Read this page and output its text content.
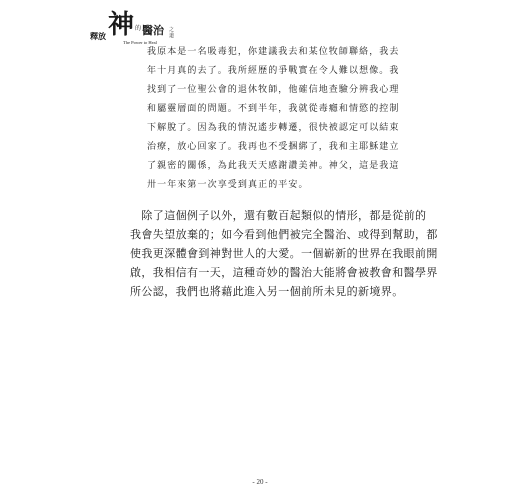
神
釋放
的 醫治 之道
The Power to Heal
我原本是一名吸毒犯，你建議我去和某位牧師聯絡，我去
年十月真的去了。我所經歷的爭戰實在令人難以想像。我
找到了一位聖公會的退休牧師，他確信地查驗分辨我心理
和屬靈層面的問題。不到半年，我就從毒癮和情慾的控制
下解脫了。因為我的情況遙步轉遷，很快被認定可以結束
治療，放心回家了。我再也不受捆綁了，我和主耶穌建立
了親密的關係，為此我天天感謝讚美神。神父，這是我這
卅一年來第一次享受到真正的平安。
　除了這個例子以外，還有數百起類似的情形，都是從前的
我會失望放棄的；如今看到他們被完全醫治、或得到幫助，都
使我更深體會到神對世人的大愛。一個嶄新的世界在我眼前開
啟，我相信有一天，這種奇妙的醫治大能將會被教會和醫學界
所公認，我們也將藉此進入另一個前所未見的新境界。
- 20 -
